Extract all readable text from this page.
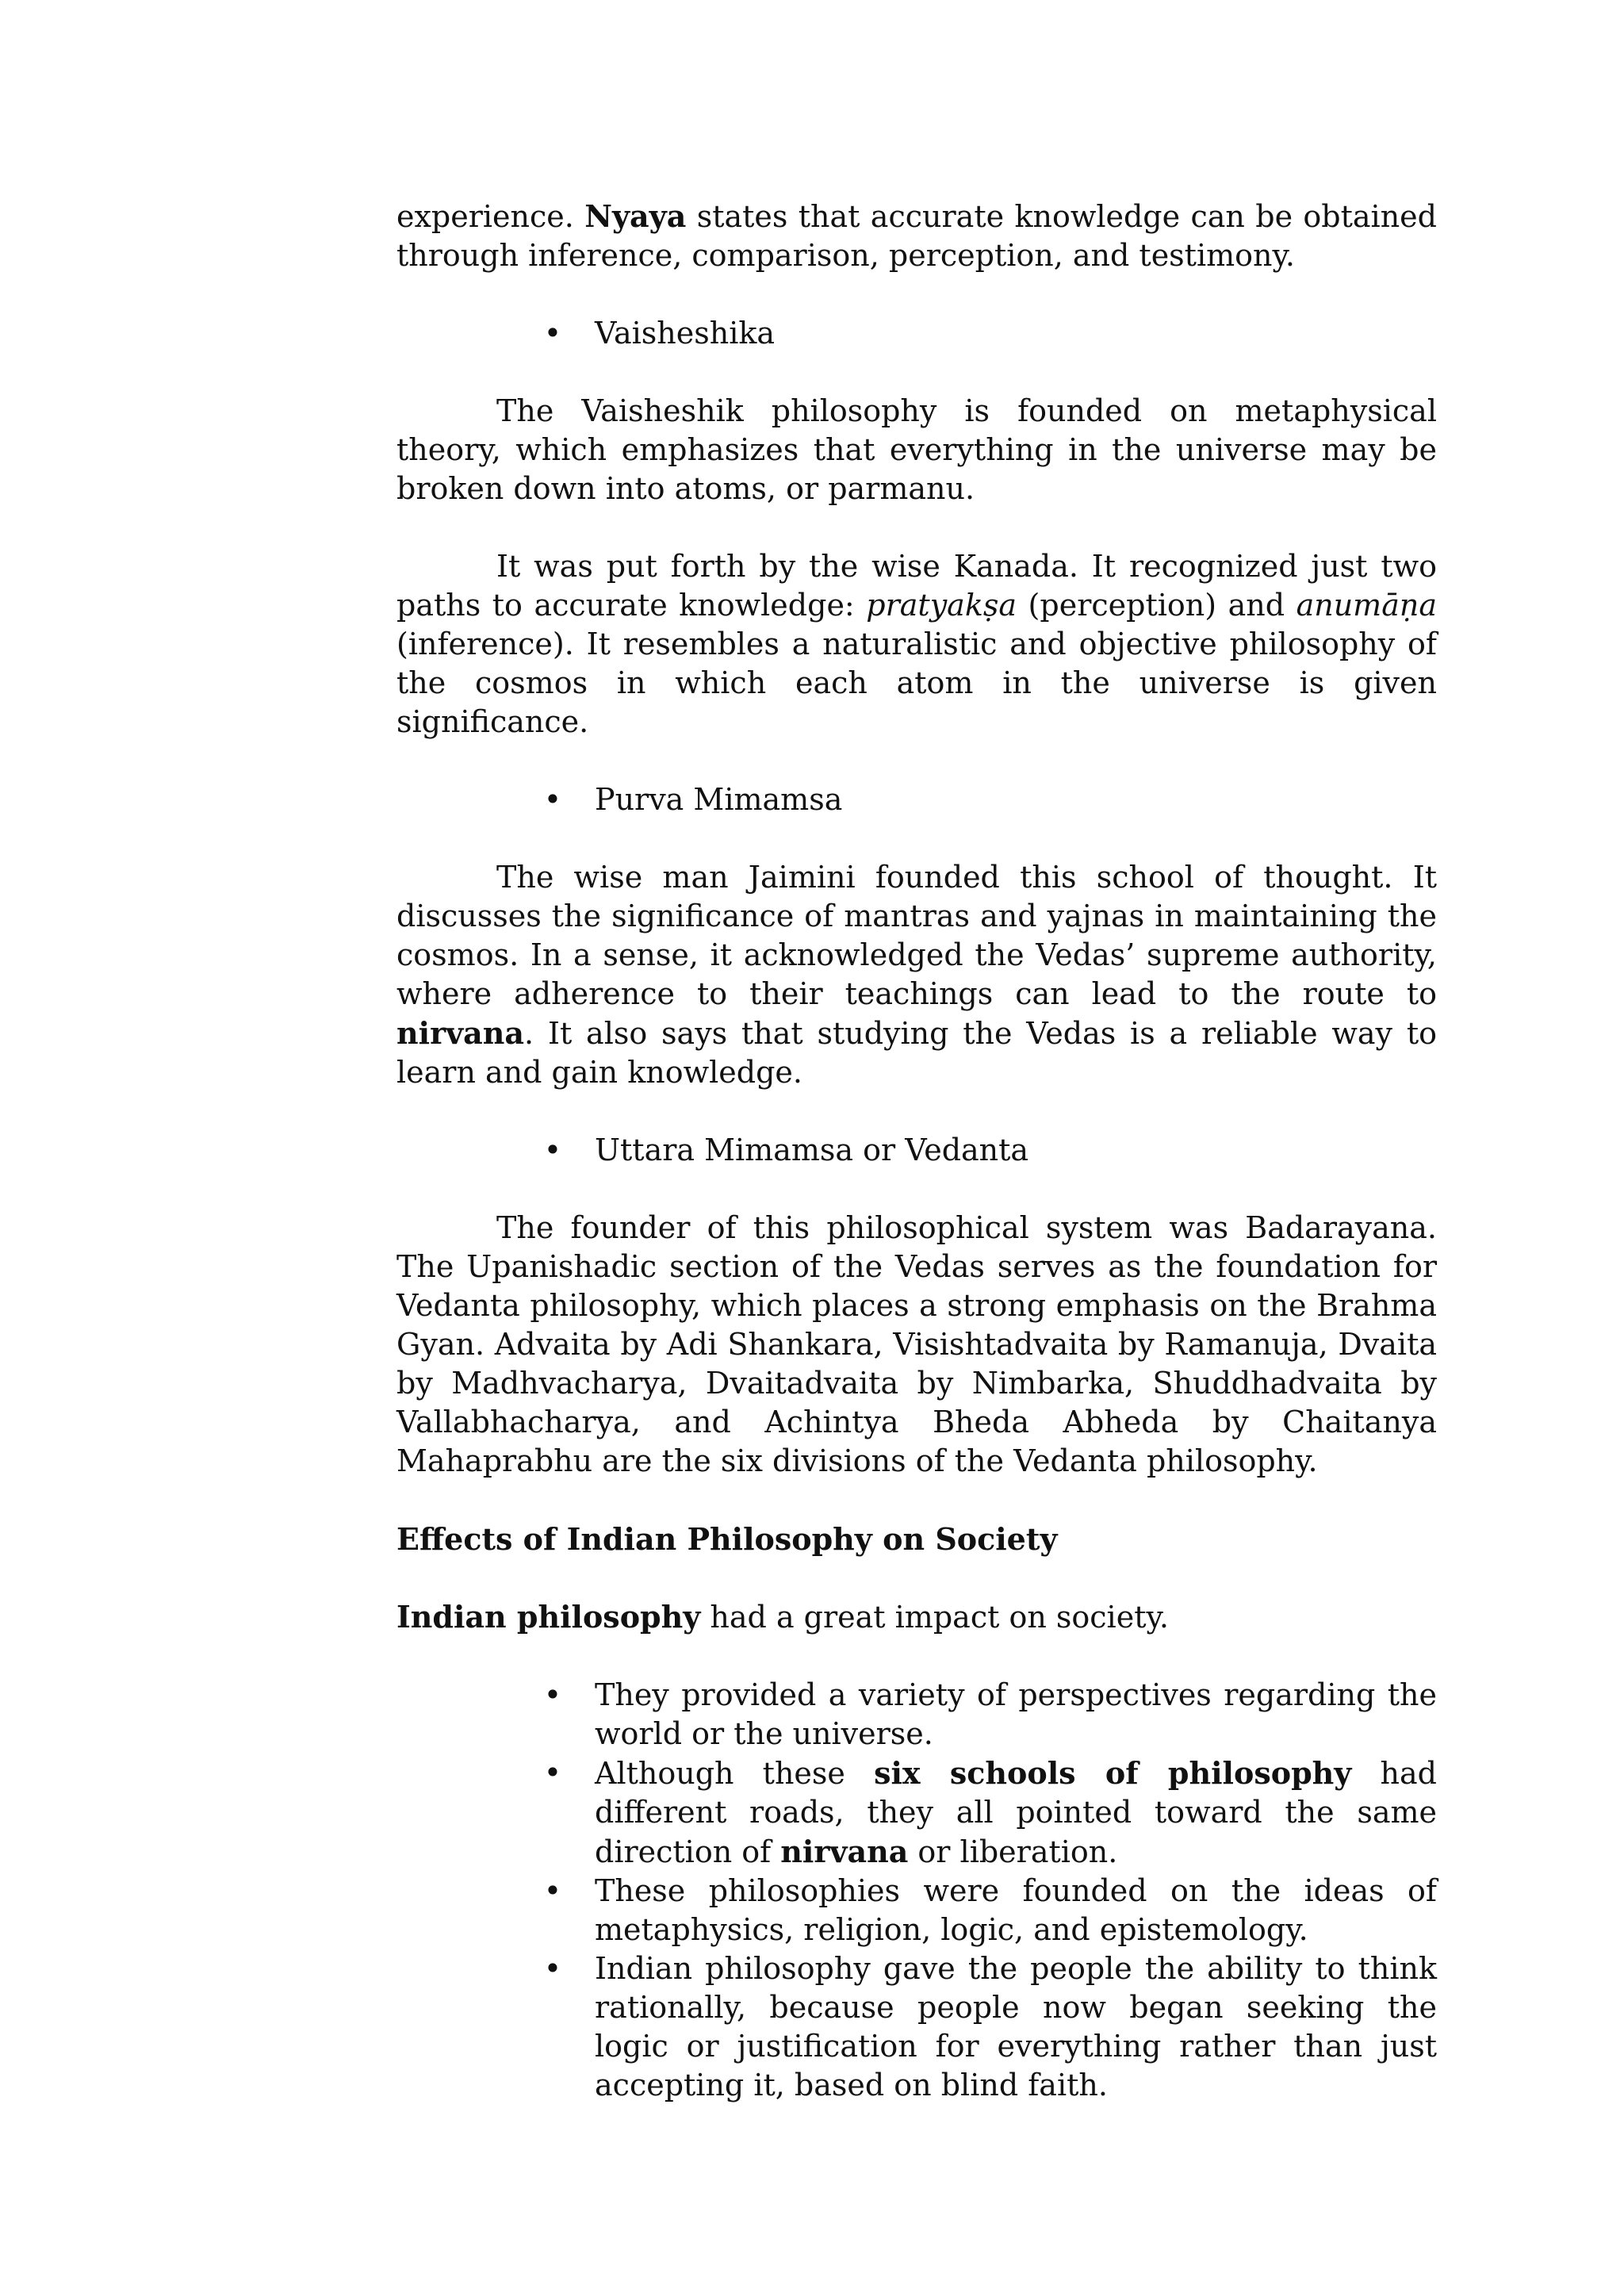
experience. Nyaya states that accurate knowledge can be obtained through inference, comparison, perception, and testimony.

•	Vaisheshika

The Vaisheshik philosophy is founded on metaphysical theory, which emphasizes that everything in the universe may be broken down into atoms, or parmanu.

It was put forth by the wise Kanada. It recognized just two paths to accurate knowledge: pratyakṣa (perception) and anumāṇa (inference). It resembles a naturalistic and objective philosophy of the cosmos in which each atom in the universe is given significance.

•	Purva Mimamsa

The wise man Jaimini founded this school of thought. It discusses the significance of mantras and yajnas in maintaining the cosmos. In a sense, it acknowledged the Vedas’ supreme authority, where adherence to their teachings can lead to the route to nirvana. It also says that studying the Vedas is a reliable way to learn and gain knowledge.

•	Uttara Mimamsa or Vedanta

The founder of this philosophical system was Badarayana. The Upanishadic section of the Vedas serves as the foundation for Vedanta philosophy, which places a strong emphasis on the Brahma Gyan. Advaita by Adi Shankara, Visishtadvaita by Ramanuja, Dvaita by Madhvacharya, Dvaitadvaita by Nimbarka, Shuddhadvaita by Vallabhacharya, and Achintya Bheda Abheda by Chaitanya Mahaprabhu are the six divisions of the Vedanta philosophy.

Effects of Indian Philosophy on Society

Indian philosophy had a great impact on society.

•	They provided a variety of perspectives regarding the world or the universe.
•	Although these six schools of philosophy had different roads, they all pointed toward the same direction of nirvana or liberation.
•	These philosophies were founded on the ideas of metaphysics, religion, logic, and epistemology.
•	Indian philosophy gave the people the ability to think rationally, because people now began seeking the logic or justification for everything rather than just accepting it, based on blind faith.
